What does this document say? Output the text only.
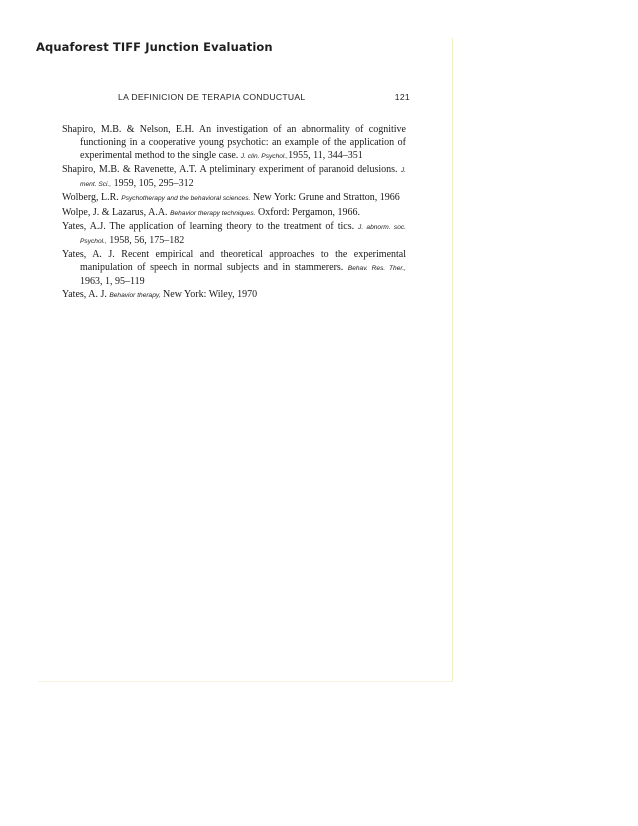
Aquaforest TIFF Junction Evaluation
LA DEFINICION DE TERAPIA CONDUCTUAL	121

Shapiro, M.B. & Nelson, E.H. An investigation of an abnormality of cognitive functioning in a cooperative young psychotic: an example of the application of experimental method to the single case. J. clin. Psychol.,1955, 11, 344–351

Shapiro, M.B. & Ravenette, A.T. A pteliminary experiment of paranoid delusions. J. ment. Sci., 1959, 105, 295–312

Wolberg, L.R. Psychotherapy and the behavioral sciences. New York: Grune and Stratton, 1966

Wolpe, J. & Lazarus, A.A. Behavior therapy techniques. Oxford: Pergamon, 1966.

Yates, A.J. The application of learning theory to the treatment of tics. J. abnorm. soc. Psychol., 1958, 56, 175–182

Yates, A. J. Recent empirical and theoretical approaches to the experimental manipulation of speech in normal subjects and in stammerers. Behav. Res. Ther., 1963, 1, 95–119

Yates, A. J. Behavior therapy, New York: Wiley, 1970
